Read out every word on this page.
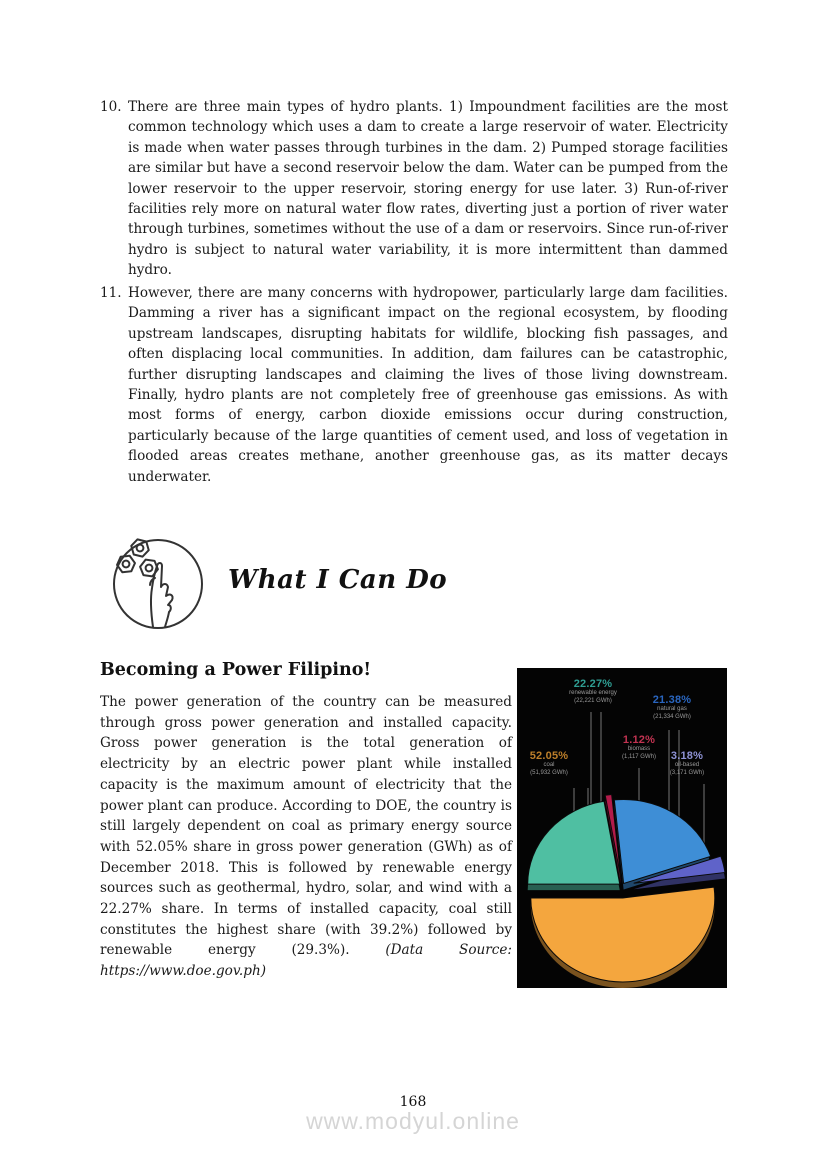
10. There are three main types of hydro plants. 1) Impoundment facilities are the most common technology which uses a dam to create a large reservoir of water. Electricity is made when water passes through turbines in the dam. 2) Pumped storage facilities are similar but have a second reservoir below the dam. Water can be pumped from the lower reservoir to the upper reservoir, storing energy for use later. 3) Run-of-river facilities rely more on natural water flow rates, diverting just a portion of river water through turbines, sometimes without the use of a dam or reservoirs. Since run-of-river hydro is subject to natural water variability, it is more intermittent than dammed hydro.
11. However, there are many concerns with hydropower, particularly large dam facilities. Damming a river has a significant impact on the regional ecosystem, by flooding upstream landscapes, disrupting habitats for wildlife, blocking fish passages, and often displacing local communities. In addition, dam failures can be catastrophic, further disrupting landscapes and claiming the lives of those living downstream. Finally, hydro plants are not completely free of greenhouse gas emissions. As with most forms of energy, carbon dioxide emissions occur during construction, particularly because of the large quantities of cement used, and loss of vegetation in flooded areas creates methane, another greenhouse gas, as its matter decays underwater.
What I Can Do
Becoming a Power Filipino!
The power generation of the country can be measured through gross power generation and installed capacity. Gross power generation is the total generation of electricity by an electric power plant while installed capacity is the maximum amount of electricity that the power plant can produce. According to DOE, the country is still largely dependent on coal as primary energy source with 52.05% share in gross power generation (GWh) as of December 2018. This is followed by renewable energy sources such as geothermal, hydro, solar, and wind with a 22.27% share. In terms of installed capacity, coal still constitutes the highest share (with 39.2%) followed by renewable energy (29.3%).	(Data Source: https://www.doe.gov.ph)
22.27%
renewable energy
(22,221 GWh)	21.38%
natural gas
(21,334 GWh)
1.12%
biomass
(1,117 GWh)	3.18%
oil-based
(3,171 GWh)
52.05%
coal
(51,932 GWh)
168
www.modyul.online
